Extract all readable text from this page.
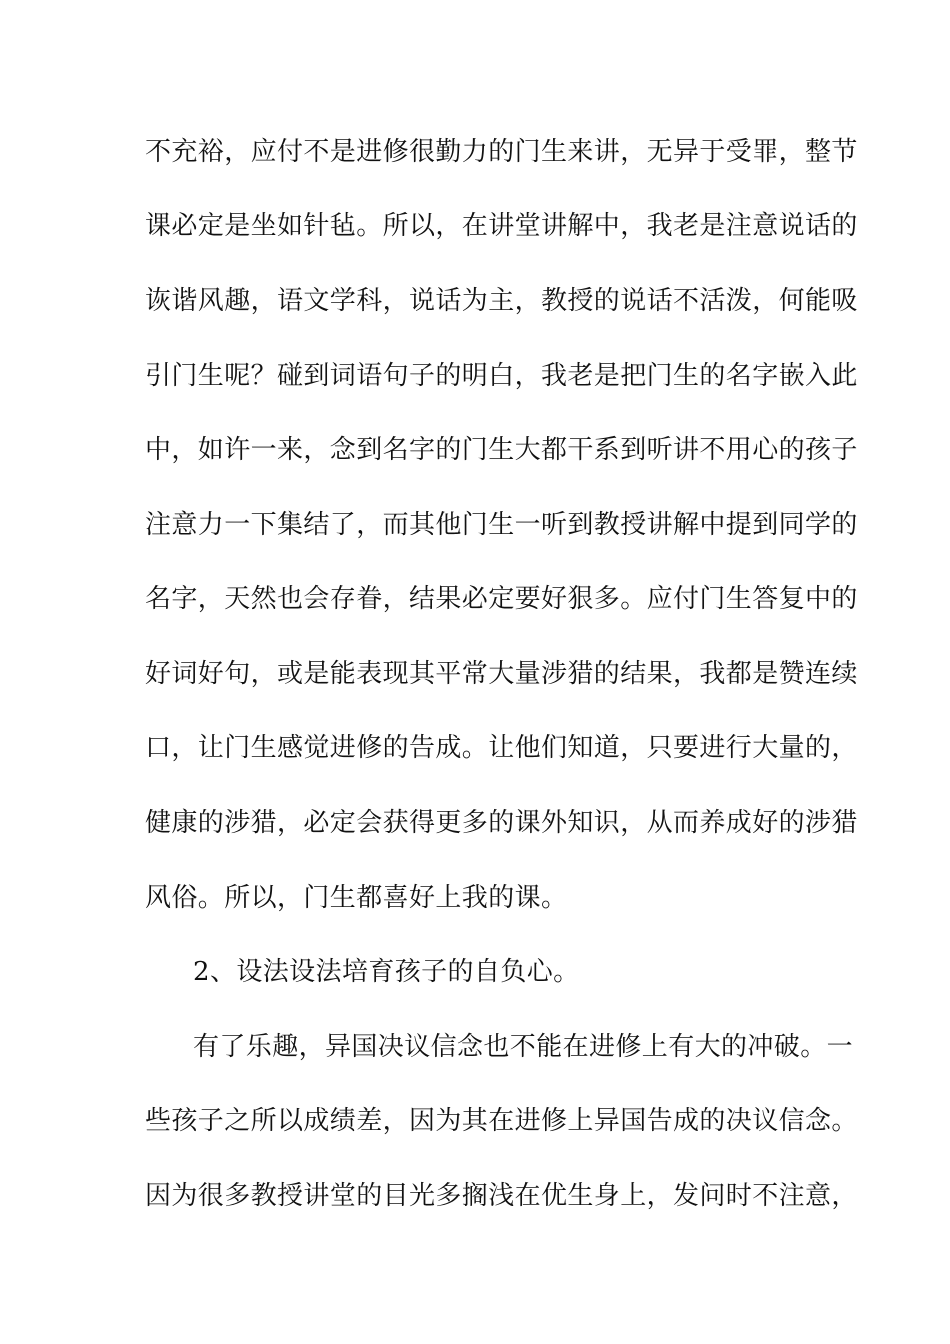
不充裕，应付不是进修很勤力的门生来讲，无异于受罪，整节
课必定是坐如针毡。所以，在讲堂讲解中，我老是注意说话的
诙谐风趣，语文学科，说话为主，教授的说话不活泼，何能吸
引门生呢？碰到词语句子的明白，我老是把门生的名字嵌入此
中，如许一来，念到名字的门生大都干系到听讲不用心的孩子
注意力一下集结了，而其他门生一听到教授讲解中提到同学的
名字，天然也会存眷，结果必定要好狠多。应付门生答复中的
好词好句，或是能表现其平常大量涉猎的结果，我都是赞连续
口，让门生感觉进修的告成。让他们知道，只要进行大量的，
健康的涉猎，必定会获得更多的课外知识，从而养成好的涉猎
风俗。所以，门生都喜好上我的课。
2、设法设法培育孩子的自负心。
有了乐趣，异国决议信念也不能在进修上有大的冲破。一
些孩子之所以成绩差，因为其在进修上异国告成的决议信念。
因为很多教授讲堂的目光多搁浅在优生身上，发问时不注意，
